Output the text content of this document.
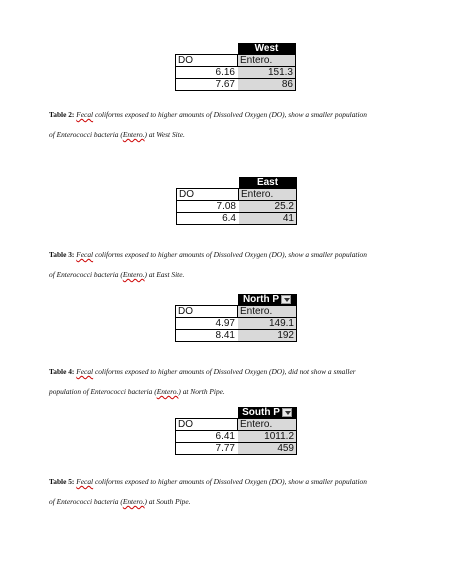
	West
DO	Entero.
6.16	151.3
7.67	86
Table 2: Fecal coliforms exposed to higher amounts of Dissolved Oxygen (DO), show a smaller population
of Enterococci bacteria (Entero.) at West Site.
	East
DO	Entero.
7.08	25.2
6.4	41
Table 3: Fecal coliforms exposed to higher amounts of Dissolved Oxygen (DO), show a smaller population
of Enterococci bacteria (Entero.) at East Site.

	North P

DO	Entero.
4.97	149.1
8.41	192
Table 4: Fecal coliforms exposed to higher amounts of Dissolved Oxygen (DO), did not show a smaller
population of Enterococci bacteria (Entero.) at North Pipe.

	South P

DO	Entero.
6.41	1011.2
7.77	459
Table 5: Fecal coliforms exposed to higher amounts of Dissolved Oxygen (DO), show a smaller population
of Enterococci bacteria (Entero.) at South Pipe.
